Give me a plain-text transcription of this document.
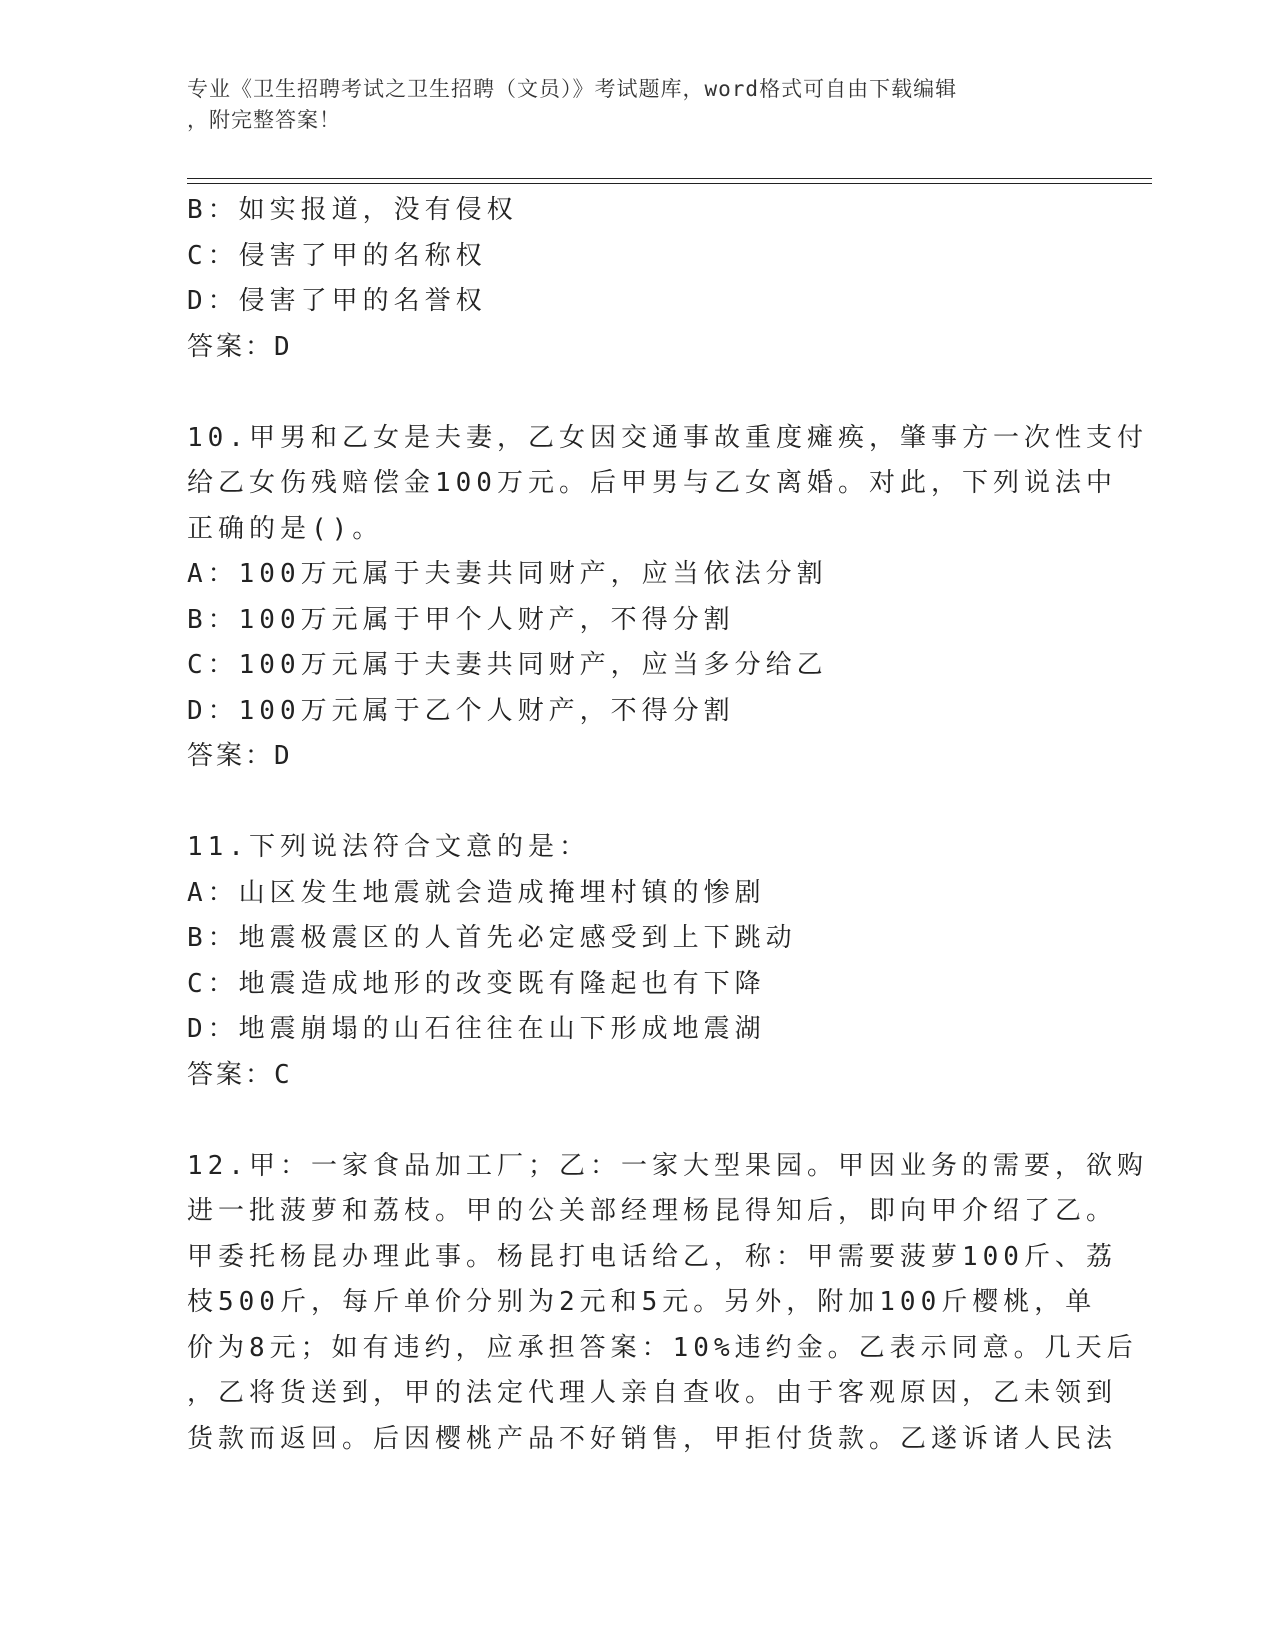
专业《卫生招聘考试之卫生招聘（文员）》考试题库，word格式可自由下载编辑
，附完整答案！
B：如实报道，没有侵权
C：侵害了甲的名称权
D：侵害了甲的名誉权
答案：D
10.甲男和乙女是夫妻，乙女因交通事故重度瘫痪，肇事方一次性支付
给乙女伤残赔偿金100万元。后甲男与乙女离婚。对此，下列说法中
正确的是()。
A：100万元属于夫妻共同财产，应当依法分割
B：100万元属于甲个人财产，不得分割
C：100万元属于夫妻共同财产，应当多分给乙
D：100万元属于乙个人财产，不得分割
答案：D
11.下列说法符合文意的是：
A：山区发生地震就会造成掩埋村镇的惨剧
B：地震极震区的人首先必定感受到上下跳动
C：地震造成地形的改变既有隆起也有下降
D：地震崩塌的山石往往在山下形成地震湖
答案：C
12.甲：一家食品加工厂；乙：一家大型果园。甲因业务的需要，欲购
进一批菠萝和荔枝。甲的公关部经理杨昆得知后，即向甲介绍了乙。
甲委托杨昆办理此事。杨昆打电话给乙，称：甲需要菠萝100斤、荔
枝500斤，每斤单价分别为2元和5元。另外，附加100斤樱桃，单
价为8元；如有违约，应承担答案：10%违约金。乙表示同意。几天后
，乙将货送到，甲的法定代理人亲自查收。由于客观原因，乙未领到
货款而返回。后因樱桃产品不好销售，甲拒付货款。乙遂诉诸人民法
